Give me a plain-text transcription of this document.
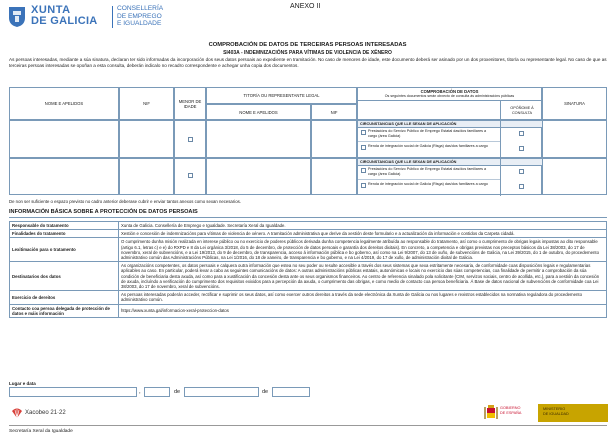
XUNTA
DE GALICIA
CONSELLERÍA
DE EMPREGO
E IGUALDADE
ANEXO II
COMPROBACIÓN DE DATOS DE TERCEIRAS PERSOAS INTERESADAS
SI403A - INDEMNIZACIÓNS PARA VÍTIMAS DE VIOLENCIA DE XÉNERO
As persoas interesadas, mediante a súa sinatura, declaran ter sido informadas da incorporación dos seus datos persoais ao expediente en tramitación. No caso de menores de idade, este documento deberá ser asinado por un dos proxenitores, titor/a ou representante legal. No caso de que as terceiras persoas interesadas se opoñan a esta consulta, deberán indicalo no recadro correspondente e achegar unha copia dos documentos.
NOME E APELIDOS	NIF	MENOR DE IDADE
TITOR/A OU REPRESENTANTE LEGAL
NOME E APELIDOS	NIF
COMPROBACIÓN DE DATOS
Os seguintes documentos serán obxecto de consulta ás administracións públicas
OPÓÑOME Á CONSULTA
SINATURA
CIRCUNSTANCIAS QUE LLE SEXAN DE APLICACIÓN
Prestacións do Servizo Público de Emprego Estatal das/dos familiares a cargo (área Galicia)
Renda de integración social de Galicia (Risga) das/dos familiares a cargo
CIRCUNSTANCIAS QUE LLE SEXAN DE APLICACIÓN
Prestacións do Servizo Público de Emprego Estatal das/dos familiares a cargo (área Galicia)
Renda de integración social de Galicia (Risga) das/dos familiares a cargo
De non ser suficiente o espazo previsto no cadro anterior deberase cubrir e enviar tantos anexos como sexan necesarios.
INFORMACIÓN BÁSICA SOBRE A PROTECCIÓN DE DATOS PERSOAIS
Responsable do tratamento	Xunta de Galicia. Consellería de Emprego e Igualdade. Secretaría Xeral da Igualdade.
Finalidades do tratamento	Xestión e concesión de indemnizacións para vítimas de violencia de xénero. A tramitación administrativa que derive da xestión deste formulario e a actualización da información e contidos da Carpeta cidadá.
Lexitimación para o tratamento	O cumprimento dunha misión realizada en interese público ou no exercicio de poderes públicos derivada dunha competencia legalmente atribuída ao responsable do tratamento, así como o cumprimento de obrigas legais impostas ao dito responsable (artigo 6.1, letras c) e e) do RXPD e 8 da Lei orgánica 3/2018, do 5 de decembro, de protección de datos persoais e garantía dos dereitos dixitais). En concreto, a competencia e obrigas previstas nos preceptos básicos da Lei 38/2003, do 17 de novembro, xeral de subvencións, e a Lei 19/2013, do 9 de decembro, de transparencia, acceso á información pública e bo goberno, así como na Lei 9/2007, do 13 de xuño, de subvencións de Galicia, na Lei 39/2015, do 1 de outubro, do procedemento administrativo común das Administracións Públicas, na Lei 1/2016, do 18 de xaneiro, de transparencia e bo goberno, e na Lei 4/2019, do 17 de xullo, de administración dixital de Galicia.
Destinatarios dos datos	As organizacións competentes, os datos persoais e calquera outra información que estea no seu poder ou resulte accesible a través dos seus sistemas que sexa estritamente necesaria, de conformidade coas disposicións legais e regulamentarias aplicables ao caso. En particular, poderá levar a cabo as seguintes comunicacións de datos: A outras administracións públicas estatais, autonómicas e locais no exercicio das súas competencias, coa finalidade de permitir a comprobación da súa condición de beneficiaria desta axuda, así como para a xustificación da concesión desta ante os seus organismos financeiros. Ao centro de referencia sinalado pola solicitante (CIM, servizos sociais, centro de acollida, etc.), para a xestión da concesión de axuda, incluíndo a verificación do cumprimento dos requisitos exixidos para a percepción da axuda, o cumprimento das obrigas, e como medio de contacto coa persoa beneficiaria. Á Base de datos nacional de subvencións de conformidade coa Lei 38/2003, do 17 de novembro, xeral de subvencións.
Exercicio de dereitos	As persoas interesadas poderán acceder, rectificar e suprimir os seus datos, así como exercer outros dereitos a través da sede electrónica da Xunta de Galicia ou nos lugares e rexistros establecidos na normativa reguladora do procedemento administrativo común.
Contacto coa persoa delegada de protección de datos e máis información	https://www.xunta.gal/informacion-xeral-proteccion-datos
Lugar e data
,	de	de
Xacobeo 21·22
GOBIERNO
DE ESPAÑA
MINISTERIO
DE IGUALDAD
Secretaría Xeral da Igualdade
